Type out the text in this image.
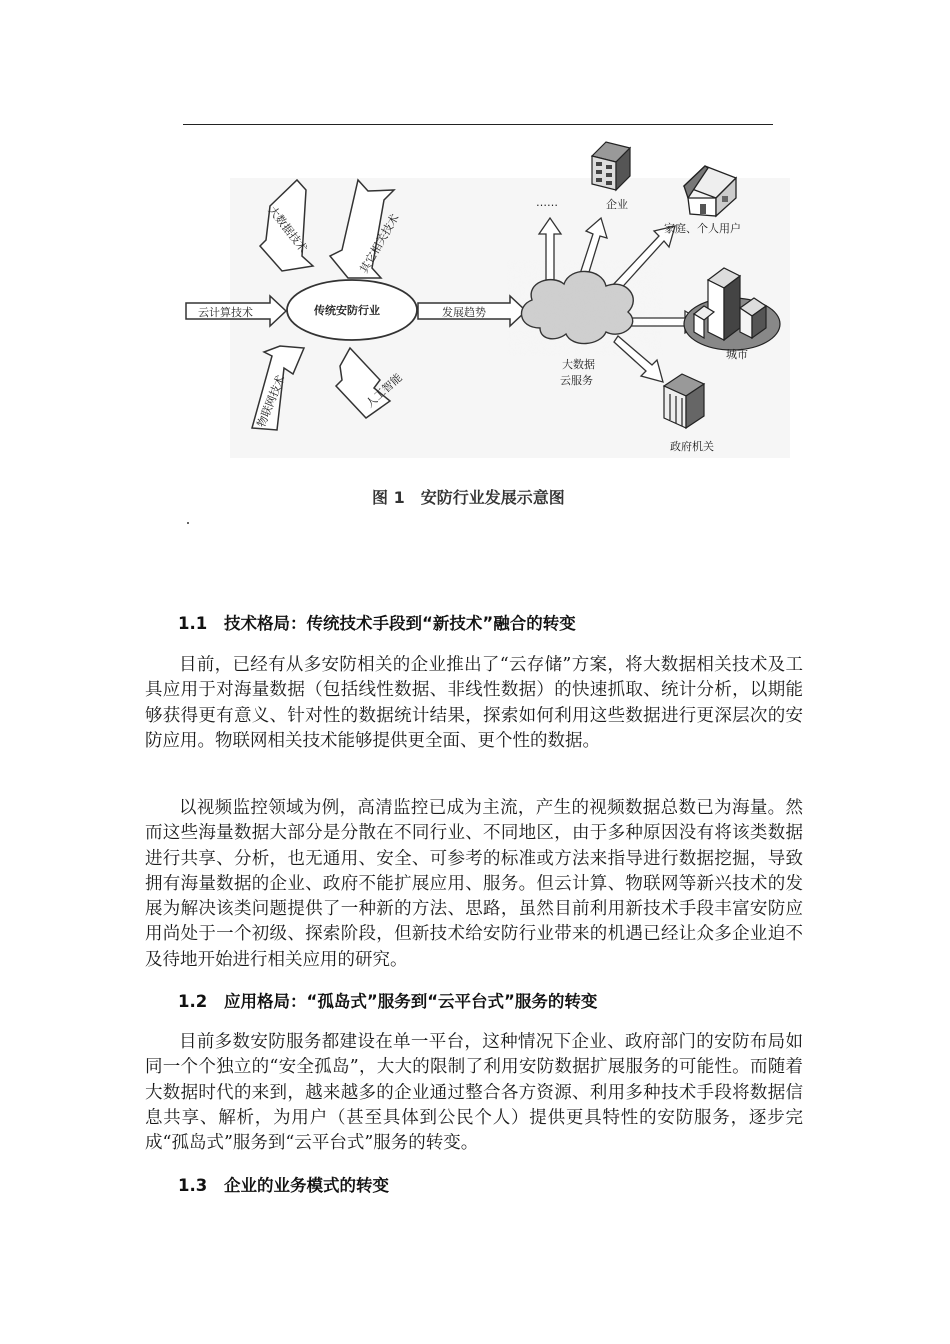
大数据技术	其它相关技术
云计算技术
物联网技术	人工智能
传统安防行业	发展趋势
大数据
云服务
……	企业
家庭、个人用户
城市
政府机关
图 1　安防行业发展示意图
1.1 技术格局：传统技术手段到“新技术”融合的转变

目前，已经有从多安防相关的企业推出了“云存储”方案，将大数据相关技术及工具应用于对海量数据（包括线性数据、非线性数据）的快速抓取、统计分析，以期能够获得更有意义、针对性的数据统计结果，探索如何利用这些数据进行更深层次的安防应用。物联网相关技术能够提供更全面、更个性的数据。

以视频监控领域为例，高清监控已成为主流，产生的视频数据总数已为海量。然而这些海量数据大部分是分散在不同行业、不同地区，由于多种原因没有将该类数据进行共享、分析，也无通用、安全、可参考的标准或方法来指导进行数据挖掘，导致拥有海量数据的企业、政府不能扩展应用、服务。但云计算、物联网等新兴技术的发展为解决该类问题提供了一种新的方法、思路，虽然目前利用新技术手段丰富安防应用尚处于一个初级、探索阶段，但新技术给安防行业带来的机遇已经让众多企业迫不及待地开始进行相关应用的研究。

1.2 应用格局：“孤岛式”服务到“云平台式”服务的转变

目前多数安防服务都建设在单一平台，这种情况下企业、政府部门的安防布局如同一个个独立的“安全孤岛”，大大的限制了利用安防数据扩展服务的可能性。而随着大数据时代的来到，越来越多的企业通过整合各方资源、利用多种技术手段将数据信息共享、解析，为用户（甚至具体到公民个人）提供更具特性的安防服务，逐步完成“孤岛式”服务到“云平台式”服务的转变。

1.3 企业的业务模式的转变
